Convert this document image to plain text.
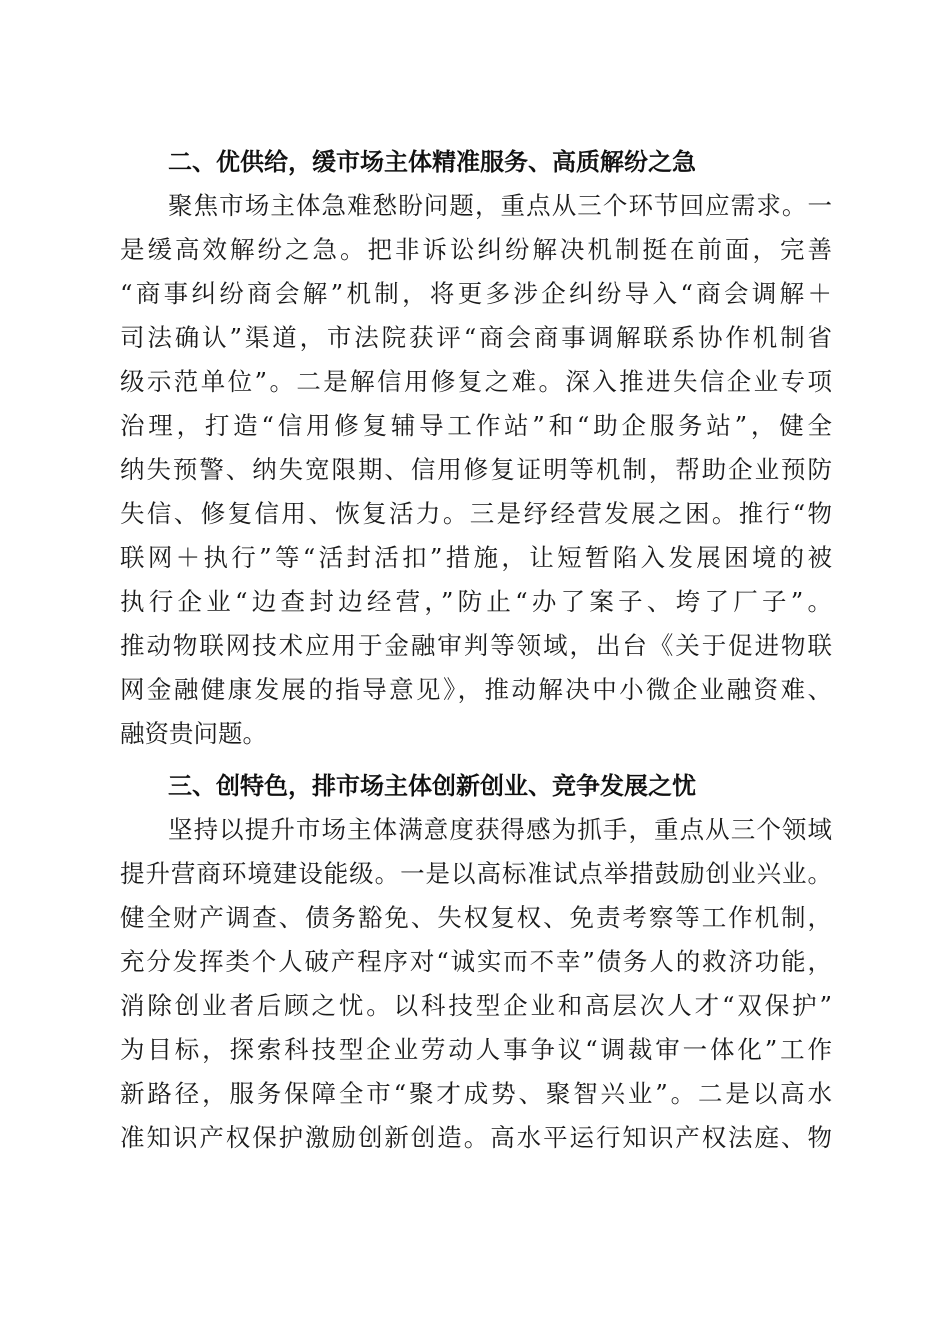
二、优供给，缓市场主体精准服务、高质解纷之急
聚焦市场主体急难愁盼问题，重点从三个环节回应需求。一
是缓高效解纷之急。把非诉讼纠纷解决机制挺在前面，完善
“商事纠纷商会解”机制，将更多涉企纠纷导入“商会调解＋
司法确认”渠道，市法院获评“商会商事调解联系协作机制省
级示范单位”。二是解信用修复之难。深入推进失信企业专项
治理，打造“信用修复辅导工作站”和“助企服务站”，健全
纳失预警、纳失宽限期、信用修复证明等机制，帮助企业预防
失信、修复信用、恢复活力。三是纾经营发展之困。推行“物
联网＋执行”等“活封活扣”措施，让短暂陷入发展困境的被
执行企业“边查封边经营，”防止“办了案子、垮了厂子”。
推动物联网技术应用于金融审判等领域，出台《关于促进物联
网金融健康发展的指导意见》，推动解决中小微企业融资难、
融资贵问题。
三、创特色，排市场主体创新创业、竞争发展之忧
坚持以提升市场主体满意度获得感为抓手，重点从三个领域
提升营商环境建设能级。一是以高标准试点举措鼓励创业兴业。
健全财产调查、债务豁免、失权复权、免责考察等工作机制，
充分发挥类个人破产程序对“诚实而不幸”债务人的救济功能，
消除创业者后顾之忧。以科技型企业和高层次人才“双保护”
为目标，探索科技型企业劳动人事争议“调裁审一体化”工作
新路径，服务保障全市“聚才成势、聚智兴业”。二是以高水
准知识产权保护激励创新创造。高水平运行知识产权法庭、物
